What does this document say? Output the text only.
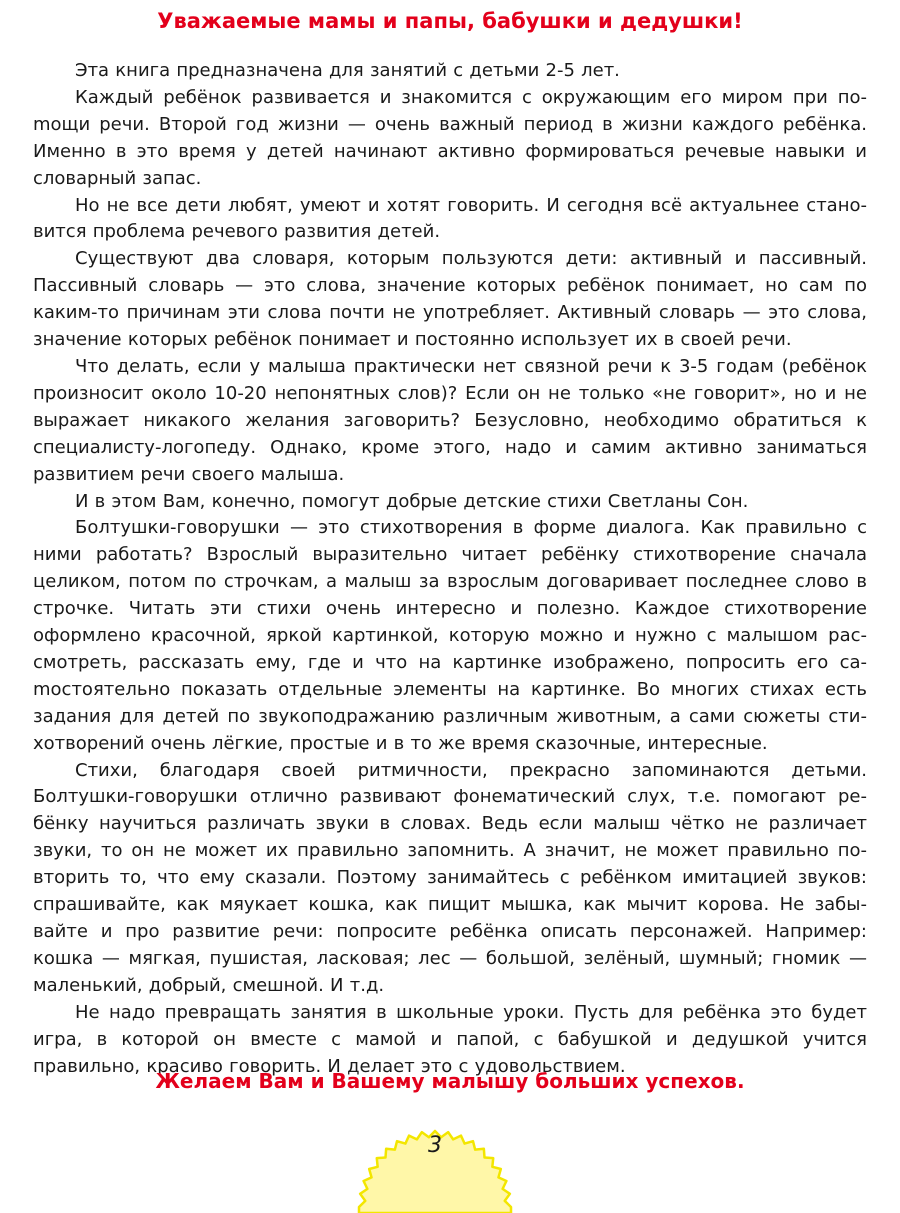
Уважаемые мамы и папы, бабушки и дедушки!

Эта книга предназначена для занятий с детьми 2-5 лет.

Каждый ребёнок развивается и знакомится с окружающим его миром при поmощи речи. Второй год жизни — очень важный период в жизни каждого ребёнка. Именно в это время у детей начинают активно формироваться речевые навыки и словарный запас.

Но не все дети любят, умеют и хотят говорить. И сегодня всё актуальнее становится проблема речевого развития детей.

Существуют два словаря, которым пользуются дети: активный и пассивный. Пассивный словарь — это слова, значение которых ребёнок понимает, но сам по каким-то причинам эти слова почти не употребляет. Активный словарь — это слова, значение которых ребёнок понимает и постоянно использует их в своей речи.

Что делать, если у малыша практически нет связной речи к 3-5 годам (ребёнок произносит около 10-20 непонятных слов)? Если он не только «не говорит», но и не выражает никакого желания заговорить? Безусловно, необходимо обратиться к специалисту-логопеду. Однако, кроме этого, надо и самим активно заниматься развитием речи своего малыша.

И в этом Вам, конечно, помогут добрые детские стихи Светланы Сон.

Болтушки-говорушки — это стихотворения в форме диалога. Как правильно с ними работать? Взрослый выразительно читает ребёнку стихотворение сначала целиком, потом по строчкам, а малыш за взрослым договаривает последнее слово в строчке. Читать эти стихи очень интересно и полезно. Каждое стихотворение оформлено красочной, яркой картинкой, которую можно и нужно с малышом рассмотреть, рассказать ему, где и что на картинке изображено, попросить его саmостоятельно показать отдельные элементы на картинке. Во многих стихах есть задания для детей по звукоподражанию различным животным, а сами сюжеты стихотворений очень лёгкие, простые и в то же время сказочные, интересные.

Стихи, благодаря своей ритмичности, прекрасно запоминаются детьми. Болтушки-говорушки отлично развивают фонематический слух, т.е. помогают ребёнку научиться различать звуки в словах. Ведь если малыш чётко не различает звуки, то он не может их правильно запомнить. А значит, не может правильно повторить то, что ему сказали. Поэтому занимайтесь с ребёнком имитацией звуков: спрашивайте, как мяукает кошка, как пищит мышка, как мычит корова. Не забывайте и про развитие речи: попросите ребёнка описать персонажей. Например: кошка — мягкая, пушистая, ласковая; лес — большой, зелёный, шумный; гномик — маленький, добрый, смешной. И т.д.

Не надо превращать занятия в школьные уроки. Пусть для ребёнка это будет игра, в которой он вместе с мамой и папой, с бабушкой и дедушкой учится правильно, красиво говорить. И делает это с удовольствием.

Желаем Вам и Вашему малышу больших успехов.

3
